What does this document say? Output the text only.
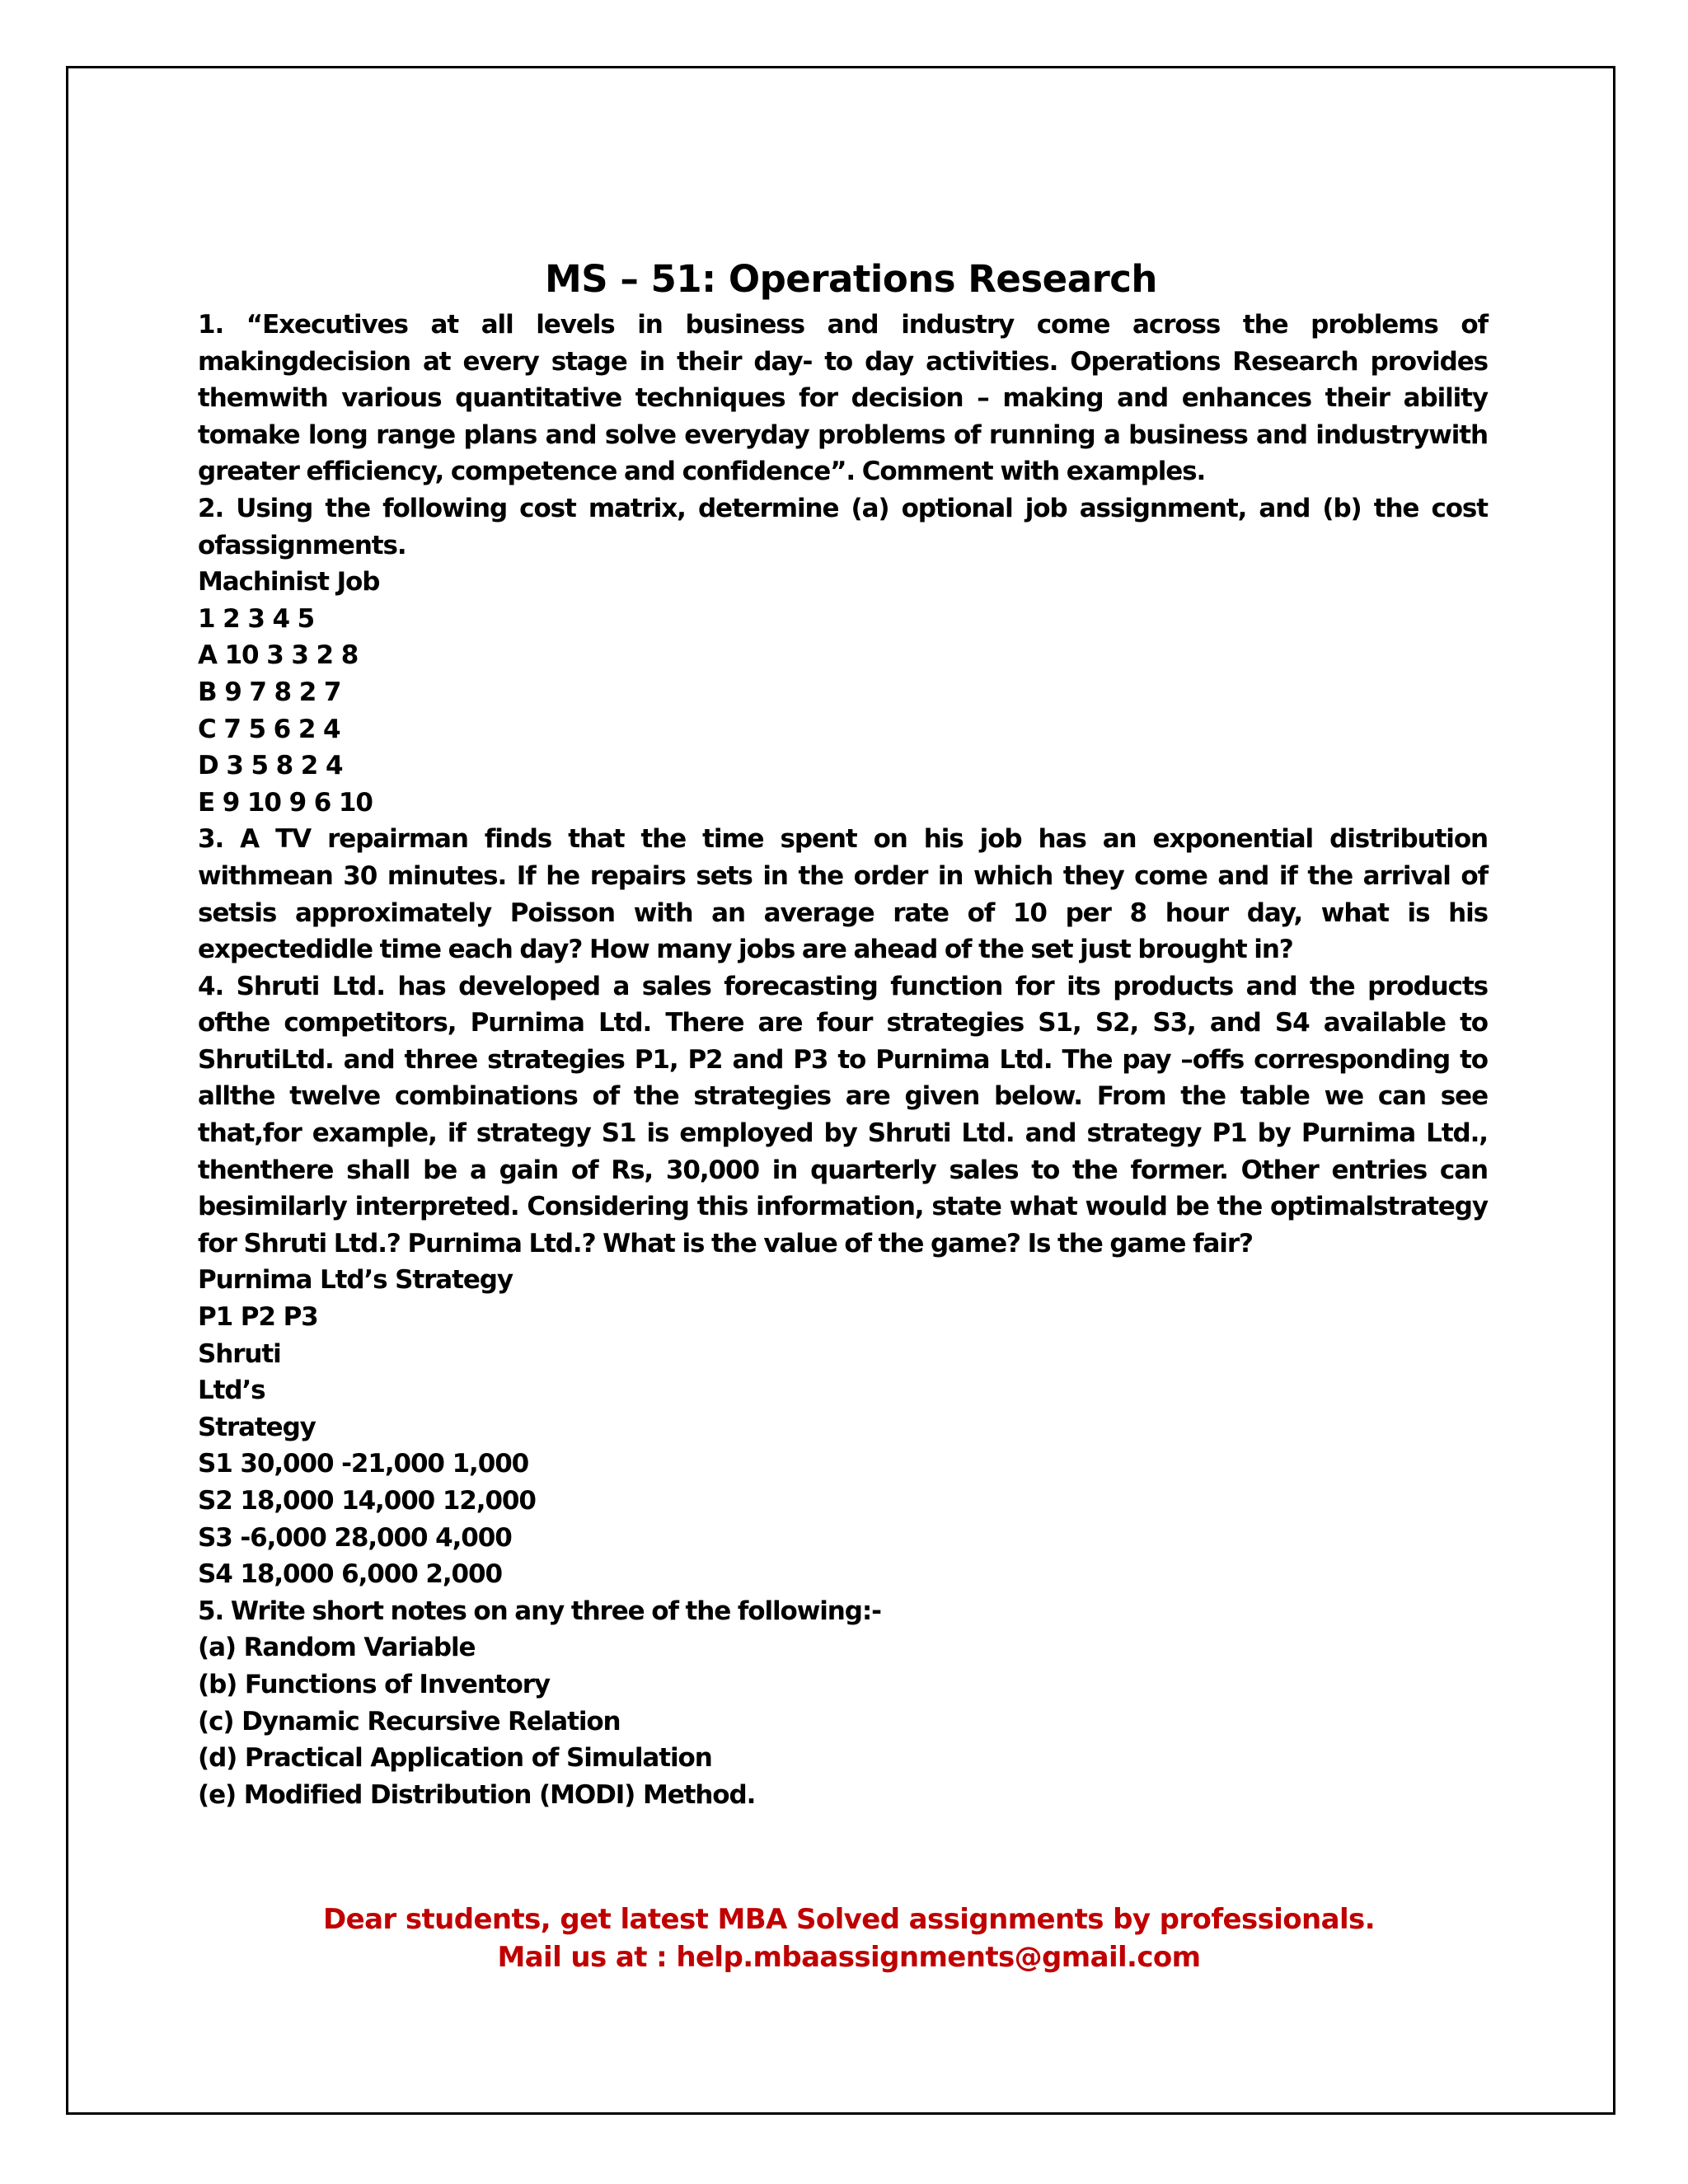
MS – 51: Operations Research

1. “Executives at all levels in business and industry come across the problems of makingdecision at every stage in their day- to day activities. Operations Research provides themwith various quantitative techniques for decision – making and enhances their ability tomake long range plans and solve everyday problems of running a business and industrywith greater efficiency, competence and confidence”. Comment with examples.

2. Using the following cost matrix, determine (a) optional job assignment, and (b) the cost ofassignments.

Machinist Job

1 2 3 4 5

A 10 3 3 2 8

B 9 7 8 2 7

C 7 5 6 2 4

D 3 5 8 2 4

E 9 10 9 6 10

3. A TV repairman finds that the time spent on his job has an exponential distribution withmean 30 minutes. If he repairs sets in the order in which they come and if the arrival of setsis approximately Poisson with an average rate of 10 per 8 hour day, what is his expectedidle time each day? How many jobs are ahead of the set just brought in?

4. Shruti Ltd. has developed a sales forecasting function for its products and the products ofthe competitors, Purnima Ltd. There are four strategies S1, S2, S3, and S4 available to ShrutiLtd. and three strategies P1, P2 and P3 to Purnima Ltd. The pay –offs corresponding to allthe twelve combinations of the strategies are given below. From the table we can see that,for example, if strategy S1 is employed by Shruti Ltd. and strategy P1 by Purnima Ltd., thenthere shall be a gain of Rs, 30,000 in quarterly sales to the former. Other entries can besimilarly interpreted. Considering this information, state what would be the optimalstrategy for Shruti Ltd.? Purnima Ltd.? What is the value of the game? Is the game fair?

Purnima Ltd’s Strategy

P1 P2 P3

Shruti

Ltd’s

Strategy

S1 30,000 -21,000 1,000

S2 18,000 14,000 12,000

S3 -6,000 28,000 4,000

S4 18,000 6,000 2,000

5. Write short notes on any three of the following:-

(a) Random Variable

(b) Functions of Inventory

(c) Dynamic Recursive Relation

(d) Practical Application of Simulation

(e) Modified Distribution (MODI) Method.

Dear students, get latest MBA Solved assignments by professionals.
Mail us at : help.mbaassignments@gmail.com
